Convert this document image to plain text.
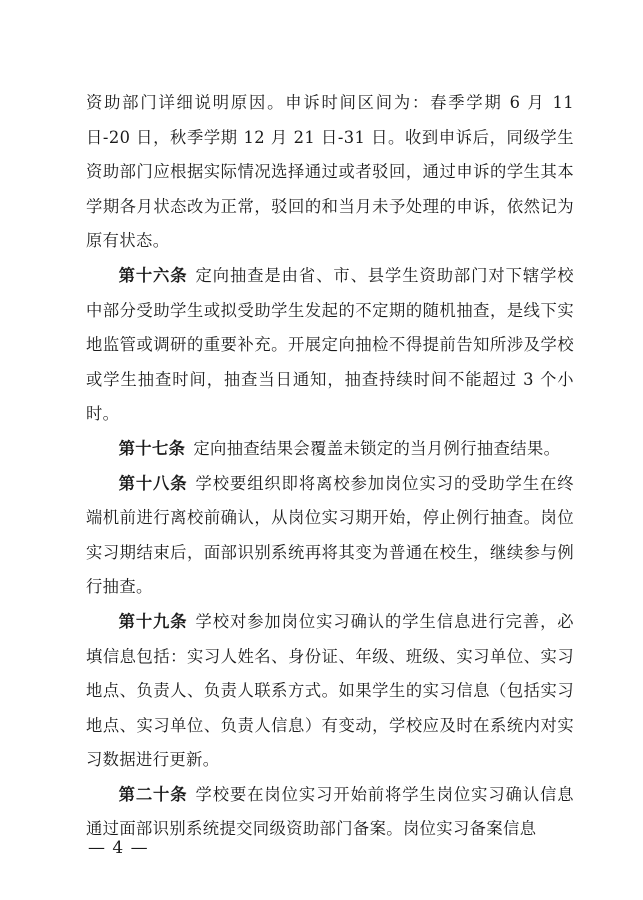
资助部门详细说明原因。申诉时间区间为：春季学期 6 月 11 日-20 日，秋季学期 12 月 21 日-31 日。收到申诉后，同级学生资助部门应根据实际情况选择通过或者驳回，通过申诉的学生其本学期各月状态改为正常，驳回的和当月未予处理的申诉，依然记为原有状态。

第十六条 定向抽查是由省、市、县学生资助部门对下辖学校中部分受助学生或拟受助学生发起的不定期的随机抽查，是线下实地监管或调研的重要补充。开展定向抽检不得提前告知所涉及学校或学生抽查时间，抽查当日通知，抽查持续时间不能超过 3 个小时。

第十七条 定向抽查结果会覆盖未锁定的当月例行抽查结果。

第十八条 学校要组织即将离校参加岗位实习的受助学生在终端机前进行离校前确认，从岗位实习期开始，停止例行抽查。岗位实习期结束后，面部识别系统再将其变为普通在校生，继续参与例行抽查。

第十九条 学校对参加岗位实习确认的学生信息进行完善，必填信息包括：实习人姓名、身份证、年级、班级、实习单位、实习地点、负责人、负责人联系方式。如果学生的实习信息（包括实习地点、实习单位、负责人信息）有变动，学校应及时在系统内对实习数据进行更新。

第二十条 学校要在岗位实习开始前将学生岗位实习确认信息通过面部识别系统提交同级资助部门备案。岗位实习备案信息

— 4 —
